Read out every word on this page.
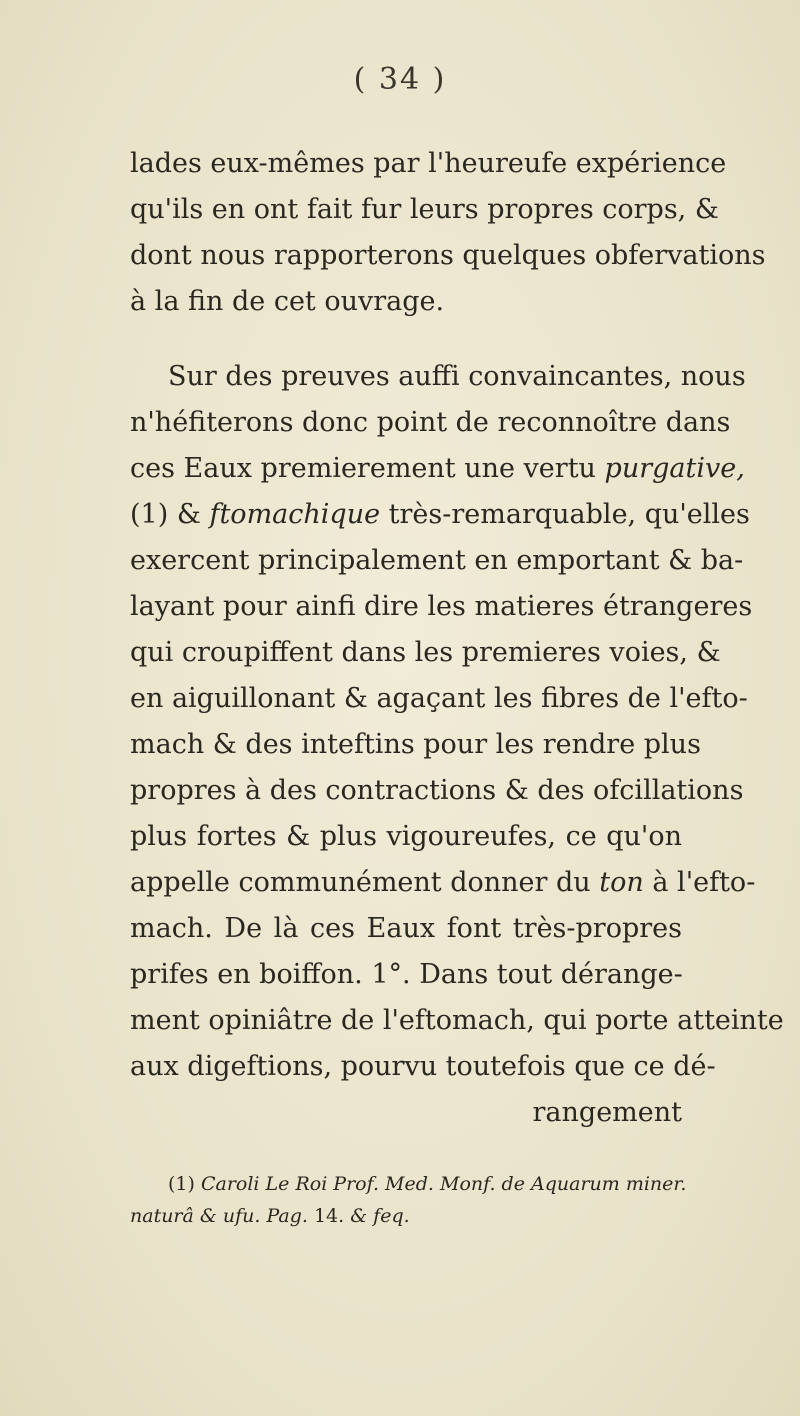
( 34 )
lades eux-mêmes par l'heureufe expérience
qu'ils en ont fait fur leurs propres corps, &
dont nous rapporterons quelques obfervations
à la fin de cet ouvrage.
Sur des preuves auffi convaincantes, nous
n'héfiterons donc point de reconnoître dans
ces Eaux premierement une vertu purgative,
(1) & ftomachique très-remarquable, qu'elles
exercent principalement en emportant & ba-
layant pour ainfi dire les matieres étrangeres
qui croupiffent dans les premieres voies, &
en aiguillonant & agaçant les fibres de l'efto-
mach & des inteftins pour les rendre plus
propres à des contractions & des ofcillations
plus fortes & plus vigoureufes, ce qu'on
appelle communément donner du ton à l'efto-
mach. De là ces Eaux font très-propres
prifes en boiffon. 1°. Dans tout dérange-
ment opiniâtre de l'eftomach, qui porte atteinte
aux digeftions, pourvu toutefois que ce dé-
rangement
(1) Caroli Le Roi Prof. Med. Monf. de Aquarum miner.
naturâ & ufu. Pag. 14. & feq.
